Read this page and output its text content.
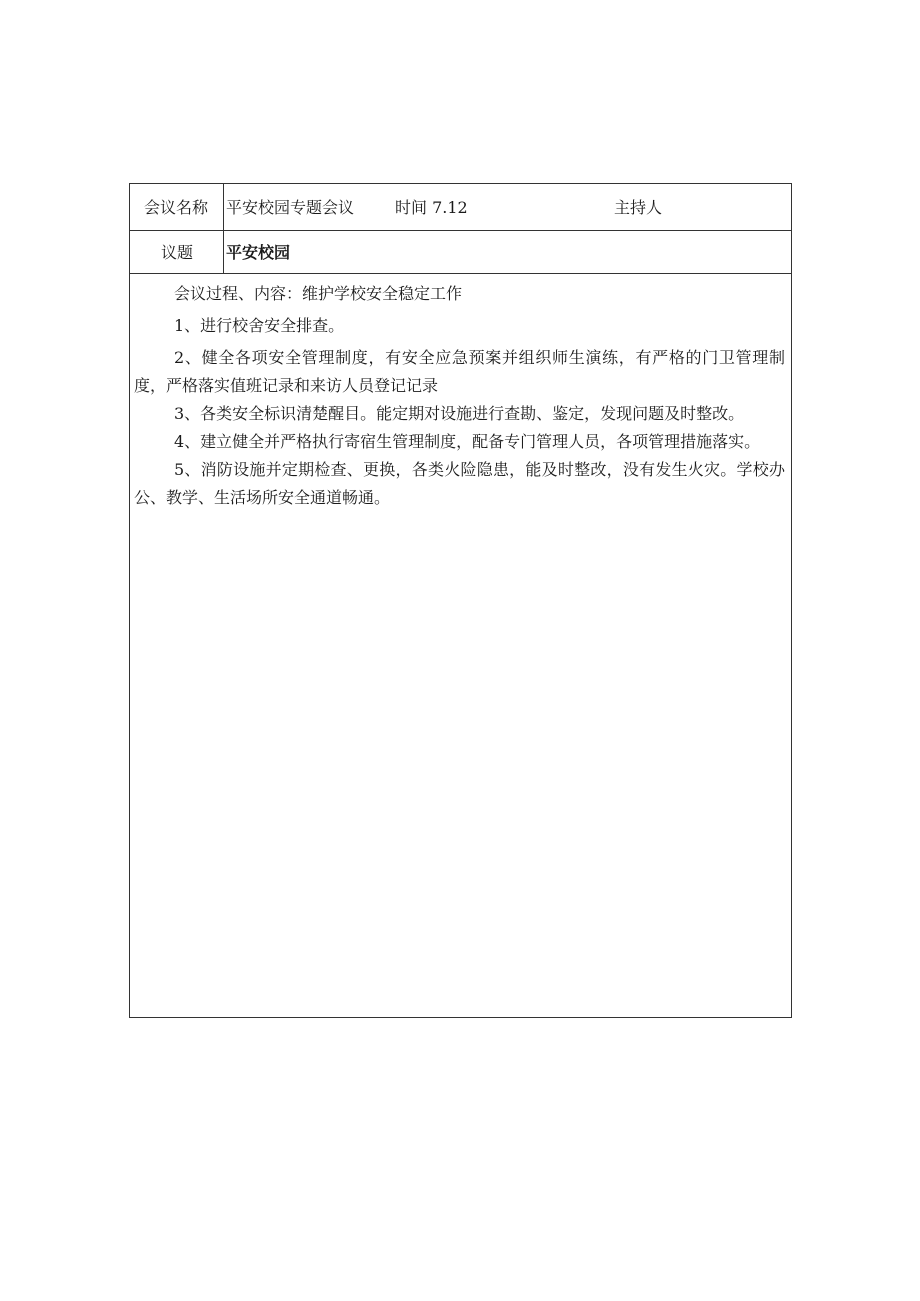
会议名称 平安校园专题会议	时间 7.12	主持人
议题 平安校园

会议过程、内容：维护学校安全稳定工作

1、进行校舍安全排查。

2、健全各项安全管理制度，有安全应急预案并组织师生演练，有严格的门卫管理制度，严格落实值班记录和来访人员登记记录

3、各类安全标识清楚醒目。能定期对设施进行查勘、鉴定，发现问题及时整改。

4、建立健全并严格执行寄宿生管理制度，配备专门管理人员，各项管理措施落实。

5、消防设施并定期检查、更换，各类火险隐患，能及时整改，没有发生火灾。学校办公、教学、生活场所安全通道畅通。
